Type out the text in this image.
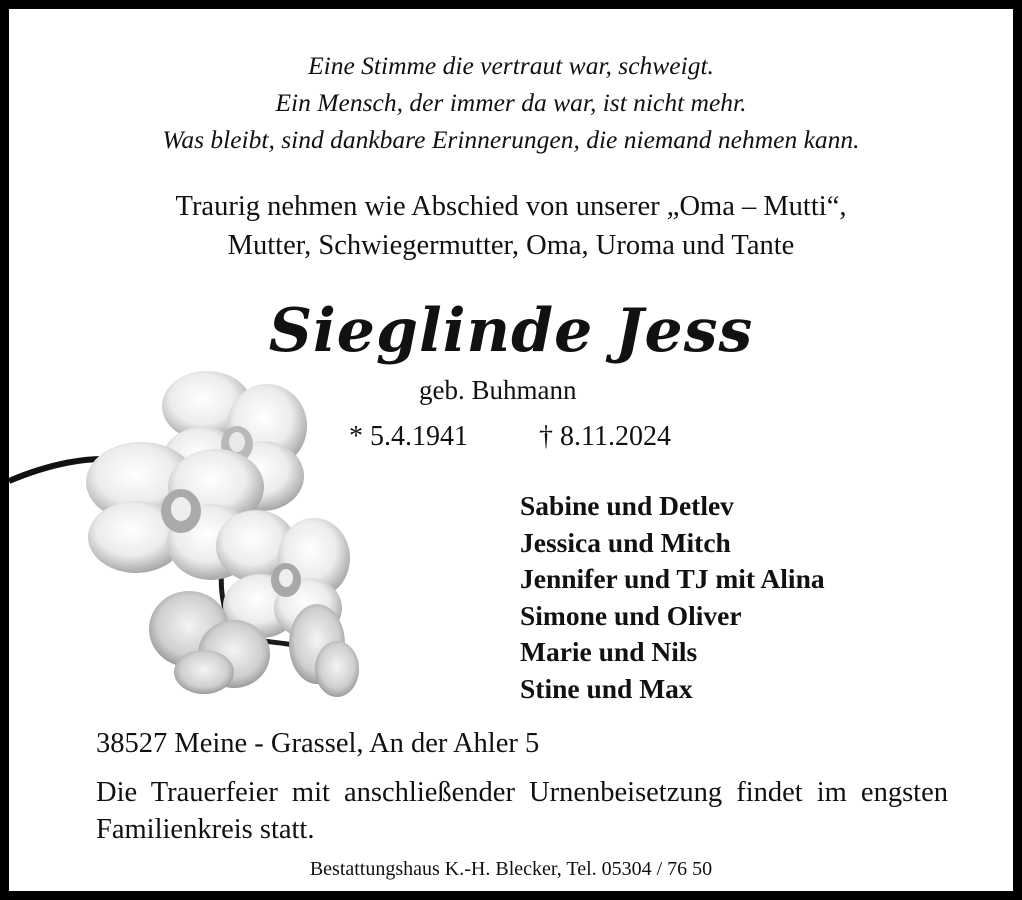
Eine Stimme die vertraut war, schweigt.
Ein Mensch, der immer da war, ist nicht mehr.
Was bleibt, sind dankbare Erinnerungen, die niemand nehmen kann.
Traurig nehmen wie Abschied von unserer „Oma – Mutti“,
Mutter, Schwiegermutter, Oma, Uroma und Tante
Sieglinde Jess
geb. Buhmann
* 5.4.1941	† 8.11.2024
Sabine und Detlev
Jessica und Mitch
Jennifer und TJ mit Alina
Simone und Oliver
Marie und Nils
Stine und Max
38527 Meine - Grassel, An der Ahler 5
Die Trauerfeier mit anschließender Urnenbeisetzung findet im engsten Familienkreis statt.
Bestattungshaus K.-H. Blecker, Tel. 05304 / 76 50
